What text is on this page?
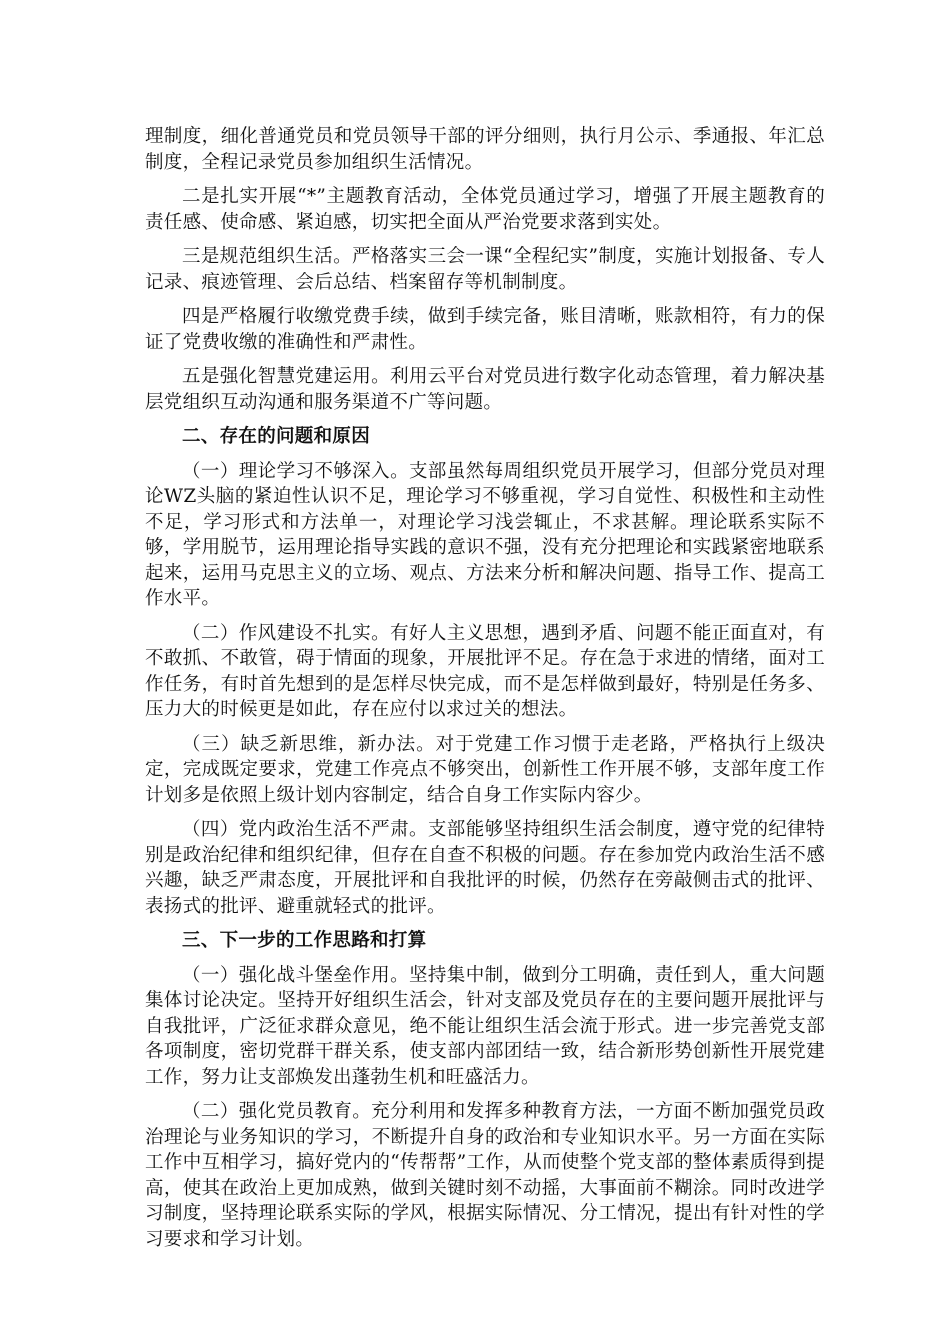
理制度，细化普通党员和党员领导干部的评分细则，执行月公示、季通报、年汇总制度，全程记录党员参加组织生活情况。

二是扎实开展“*”主题教育活动，全体党员通过学习，增强了开展主题教育的责任感、使命感、紧迫感，切实把全面从严治党要求落到实处。

三是规范组织生活。严格落实三会一课“全程纪实”制度，实施计划报备、专人记录、痕迹管理、会后总结、档案留存等机制制度。

四是严格履行收缴党费手续，做到手续完备，账目清晰，账款相符，有力的保证了党费收缴的准确性和严肃性。

五是强化智慧党建运用。利用云平台对党员进行数字化动态管理，着力解决基层党组织互动沟通和服务渠道不广等问题。

二、存在的问题和原因

（一）理论学习不够深入。支部虽然每周组织党员开展学习，但部分党员对理论WZ头脑的紧迫性认识不足，理论学习不够重视，学习自觉性、积极性和主动性不足，学习形式和方法单一，对理论学习浅尝辄止，不求甚解。理论联系实际不够，学用脱节，运用理论指导实践的意识不强，没有充分把理论和实践紧密地联系起来，运用马克思主义的立场、观点、方法来分析和解决问题、指导工作、提高工作水平。

（二）作风建设不扎实。有好人主义思想，遇到矛盾、问题不能正面直对，有不敢抓、不敢管，碍于情面的现象，开展批评不足。存在急于求进的情绪，面对工作任务，有时首先想到的是怎样尽快完成，而不是怎样做到最好，特别是任务多、压力大的时候更是如此，存在应付以求过关的想法。

（三）缺乏新思维，新办法。对于党建工作习惯于走老路，严格执行上级决定，完成既定要求，党建工作亮点不够突出，创新性工作开展不够，支部年度工作计划多是依照上级计划内容制定，结合自身工作实际内容少。

（四）党内政治生活不严肃。支部能够坚持组织生活会制度，遵守党的纪律特别是政治纪律和组织纪律，但存在自查不积极的问题。存在参加党内政治生活不感兴趣，缺乏严肃态度，开展批评和自我批评的时候，仍然存在旁敲侧击式的批评、表扬式的批评、避重就轻式的批评。

三、下一步的工作思路和打算

（一）强化战斗堡垒作用。坚持集中制，做到分工明确，责任到人，重大问题集体讨论决定。坚持开好组织生活会，针对支部及党员存在的主要问题开展批评与自我批评，广泛征求群众意见，绝不能让组织生活会流于形式。进一步完善党支部各项制度，密切党群干群关系，使支部内部团结一致，结合新形势创新性开展党建工作，努力让支部焕发出蓬勃生机和旺盛活力。

（二）强化党员教育。充分利用和发挥多种教育方法，一方面不断加强党员政治理论与业务知识的学习，不断提升自身的政治和专业知识水平。另一方面在实际工作中互相学习，搞好党内的“传帮帮”工作，从而使整个党支部的整体素质得到提高，使其在政治上更加成熟，做到关键时刻不动摇，大事面前不糊涂。同时改进学习制度，坚持理论联系实际的学风，根据实际情况、分工情况，提出有针对性的学习要求和学习计划。
